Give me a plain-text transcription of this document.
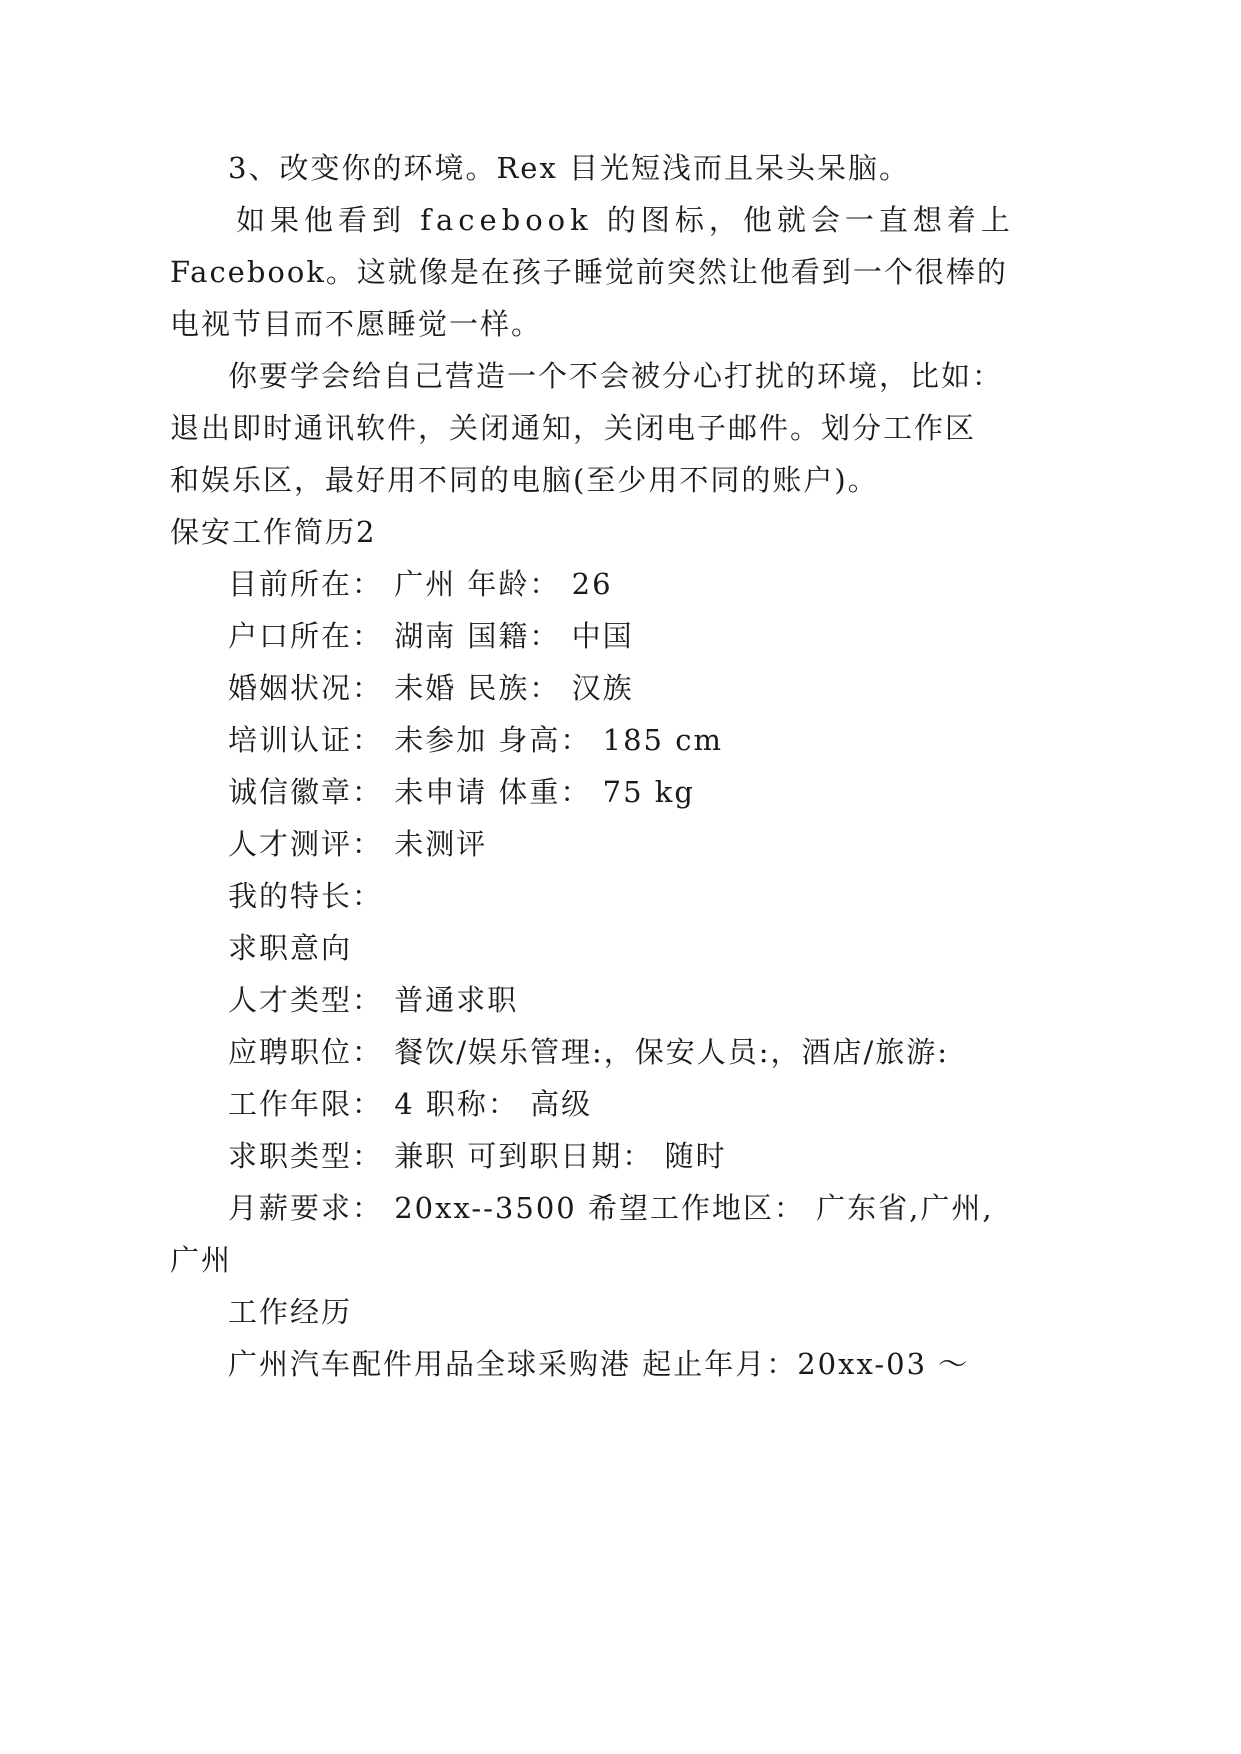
3、改变你的环境。Rex 目光短浅而且呆头呆脑。
如果他看到 facebook 的图标，他就会一直想着上
Facebook。这就像是在孩子睡觉前突然让他看到一个很棒的
电视节目而不愿睡觉一样。
你要学会给自己营造一个不会被分心打扰的环境，比如：
退出即时通讯软件，关闭通知，关闭电子邮件。划分工作区
和娱乐区，最好用不同的电脑(至少用不同的账户)。
保安工作简历2
目前所在： 广州 年龄： 26
户口所在： 湖南 国籍： 中国
婚姻状况： 未婚 民族： 汉族
培训认证： 未参加 身高： 185 cm
诚信徽章： 未申请 体重： 75 kg
人才测评： 未测评
我的特长：
求职意向
人才类型： 普通求职
应聘职位： 餐饮/娱乐管理:，保安人员:，酒店/旅游:
工作年限： 4 职称： 高级
求职类型： 兼职 可到职日期： 随时
月薪要求： 20xx--3500 希望工作地区： 广东省,广州,
广州
工作经历
广州汽车配件用品全球采购港 起止年月：20xx-03 ～
